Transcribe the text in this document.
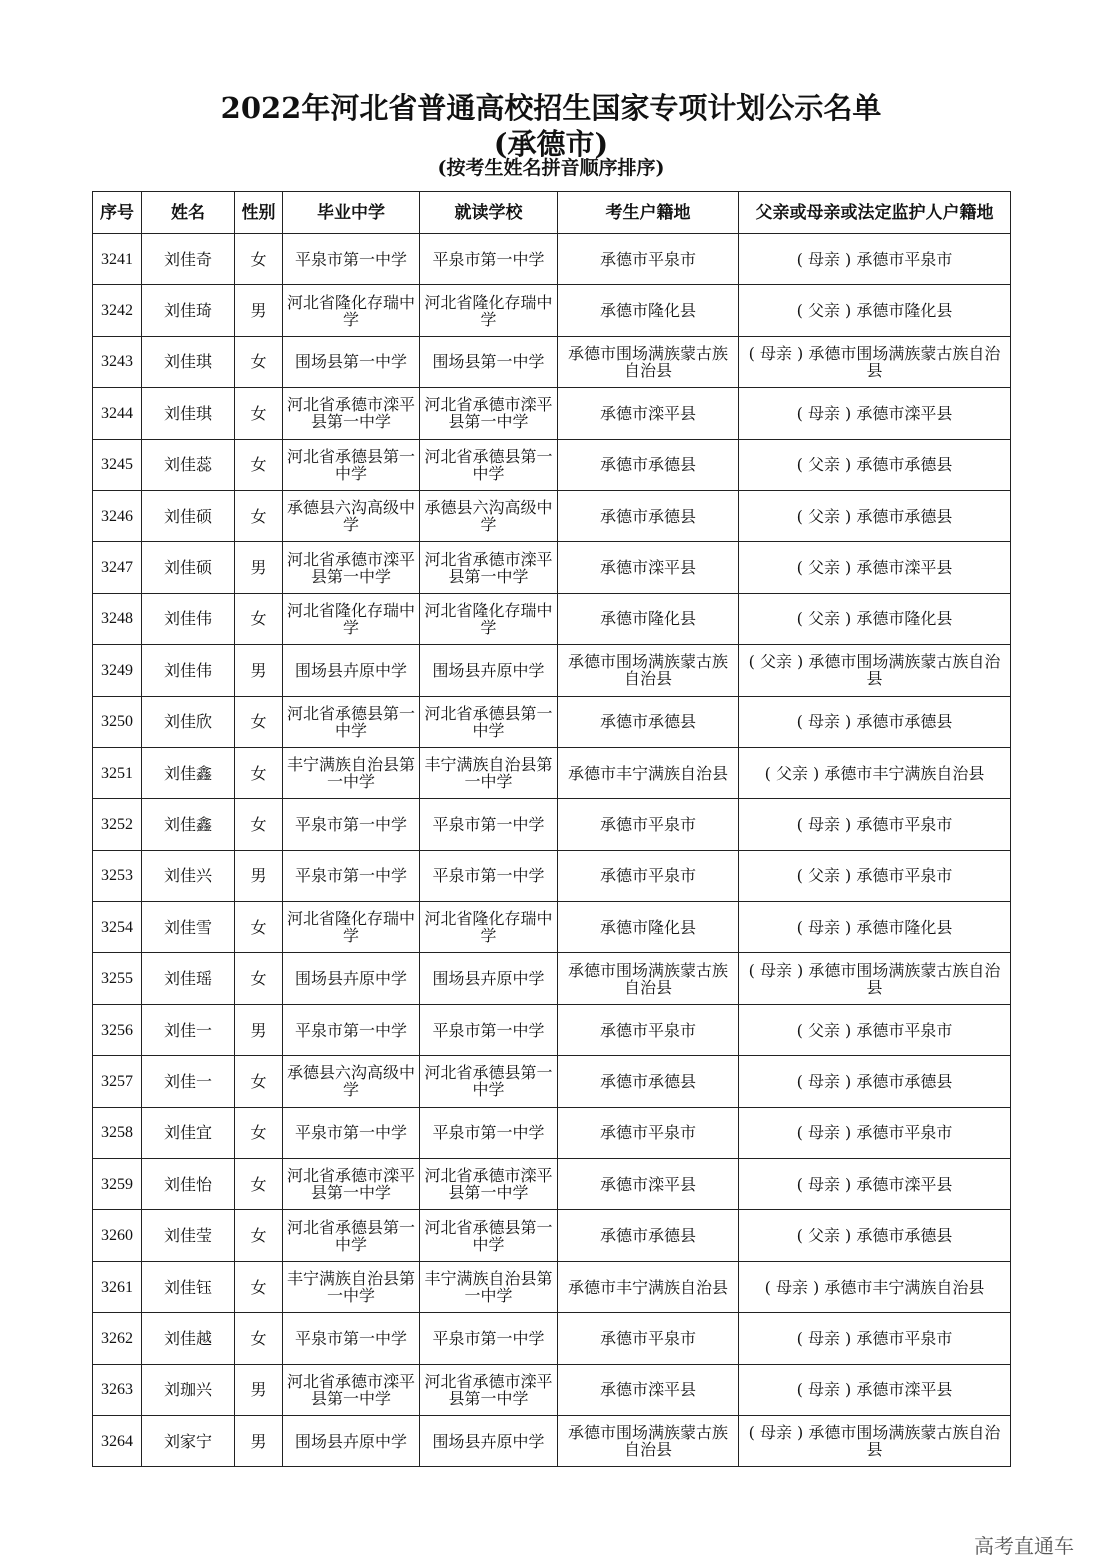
2022年河北省普通高校招生国家专项计划公示名单
(承德市)
(按考生姓名拼音顺序排序)
序号	姓名	性别	毕业中学	就读学校	考生户籍地	父亲或母亲或法定监护人户籍地
3241	刘佳奇	女	平泉市第一中学	平泉市第一中学	承德市平泉市	( 母亲 ) 承德市平泉市
3242	刘佳琦	男	河北省隆化存瑞中学	河北省隆化存瑞中学	承德市隆化县	( 父亲 ) 承德市隆化县
3243	刘佳琪	女	围场县第一中学	围场县第一中学	承德市围场满族蒙古族自治县	( 母亲 ) 承德市围场满族蒙古族自治县
3244	刘佳琪	女	河北省承德市滦平县第一中学	河北省承德市滦平县第一中学	承德市滦平县	( 母亲 ) 承德市滦平县
3245	刘佳蕊	女	河北省承德县第一中学	河北省承德县第一中学	承德市承德县	( 父亲 ) 承德市承德县
3246	刘佳硕	女	承德县六沟高级中学	承德县六沟高级中学	承德市承德县	( 父亲 ) 承德市承德县
3247	刘佳硕	男	河北省承德市滦平县第一中学	河北省承德市滦平县第一中学	承德市滦平县	( 父亲 ) 承德市滦平县
3248	刘佳伟	女	河北省隆化存瑞中学	河北省隆化存瑞中学	承德市隆化县	( 父亲 ) 承德市隆化县
3249	刘佳伟	男	围场县卉原中学	围场县卉原中学	承德市围场满族蒙古族自治县	( 父亲 ) 承德市围场满族蒙古族自治县
3250	刘佳欣	女	河北省承德县第一中学	河北省承德县第一中学	承德市承德县	( 母亲 ) 承德市承德县
3251	刘佳鑫	女	丰宁满族自治县第一中学	丰宁满族自治县第一中学	承德市丰宁满族自治县	( 父亲 ) 承德市丰宁满族自治县
3252	刘佳鑫	女	平泉市第一中学	平泉市第一中学	承德市平泉市	( 母亲 ) 承德市平泉市
3253	刘佳兴	男	平泉市第一中学	平泉市第一中学	承德市平泉市	( 父亲 ) 承德市平泉市
3254	刘佳雪	女	河北省隆化存瑞中学	河北省隆化存瑞中学	承德市隆化县	( 母亲 ) 承德市隆化县
3255	刘佳瑶	女	围场县卉原中学	围场县卉原中学	承德市围场满族蒙古族自治县	( 母亲 ) 承德市围场满族蒙古族自治县
3256	刘佳一	男	平泉市第一中学	平泉市第一中学	承德市平泉市	( 父亲 ) 承德市平泉市
3257	刘佳一	女	承德县六沟高级中学	河北省承德县第一中学	承德市承德县	( 母亲 ) 承德市承德县
3258	刘佳宜	女	平泉市第一中学	平泉市第一中学	承德市平泉市	( 母亲 ) 承德市平泉市
3259	刘佳怡	女	河北省承德市滦平县第一中学	河北省承德市滦平县第一中学	承德市滦平县	( 母亲 ) 承德市滦平县
3260	刘佳莹	女	河北省承德县第一中学	河北省承德县第一中学	承德市承德县	( 父亲 ) 承德市承德县
3261	刘佳钰	女	丰宁满族自治县第一中学	丰宁满族自治县第一中学	承德市丰宁满族自治县	( 母亲 ) 承德市丰宁满族自治县
3262	刘佳越	女	平泉市第一中学	平泉市第一中学	承德市平泉市	( 母亲 ) 承德市平泉市
3263	刘珈兴	男	河北省承德市滦平县第一中学	河北省承德市滦平县第一中学	承德市滦平县	( 母亲 ) 承德市滦平县
3264	刘家宁	男	围场县卉原中学	围场县卉原中学	承德市围场满族蒙古族自治县	( 母亲 ) 承德市围场满族蒙古族自治县
高考直通车
